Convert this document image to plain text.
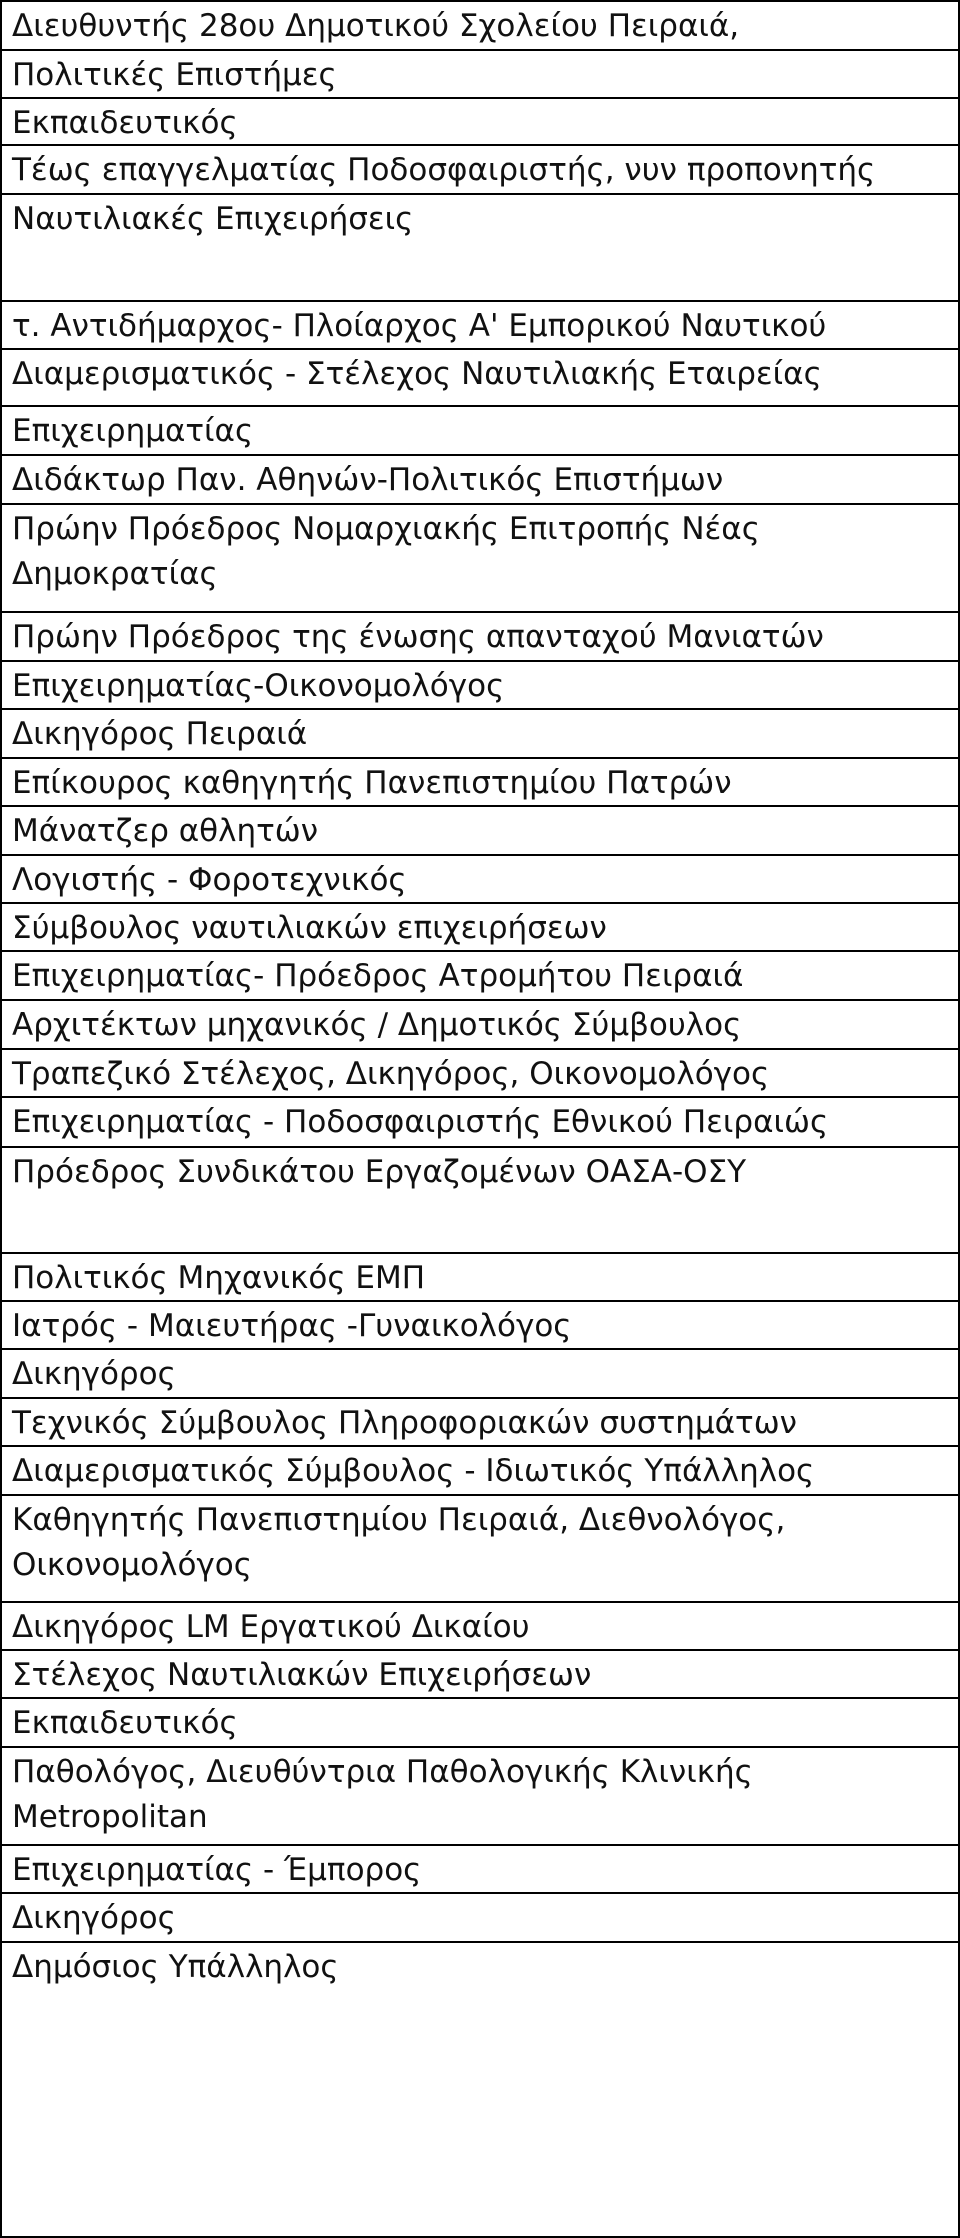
Διευθυντής 28ου Δημοτικού Σχολείου Πειραιά,
Πολιτικές Επιστήμες
Εκπαιδευτικός
Τέως επαγγελματίας Ποδοσφαιριστής, νυν προπονητής
Ναυτιλιακές Επιχειρήσεις
τ. Αντιδήμαρχος- Πλοίαρχος Α' Εμπορικού Ναυτικού
Διαμερισματικός - Στέλεχος Ναυτιλιακής Εταιρείας
Επιχειρηματίας
Διδάκτωρ Παν. Αθηνών-Πολιτικός Επιστήμων
Πρώην Πρόεδρος Νομαρχιακής Επιτροπής Νέας
Δημοκρατίας
Πρώην Πρόεδρος της ένωσης απανταχού Μανιατών
Επιχειρηματίας-Οικονομολόγος
Δικηγόρος Πειραιά
Επίκουρος καθηγητής Πανεπιστημίου Πατρών
Μάνατζερ αθλητών
Λογιστής - Φοροτεχνικός
Σύμβουλος ναυτιλιακών επιχειρήσεων
Επιχειρηματίας- Πρόεδρος Ατρομήτου Πειραιά
Αρχιτέκτων μηχανικός / Δημοτικός Σύμβουλος
Τραπεζικό Στέλεχος, Δικηγόρος, Οικονομολόγος
Επιχειρηματίας - Ποδοσφαιριστής Εθνικού Πειραιώς
Πρόεδρος Συνδικάτου Εργαζομένων ΟΑΣΑ-ΟΣΥ
Πολιτικός Μηχανικός ΕΜΠ
Ιατρός - Μαιευτήρας -Γυναικολόγος
Δικηγόρος
Τεχνικός Σύμβουλος Πληροφοριακών συστημάτων
Διαμερισματικός Σύμβουλος - Ιδιωτικός Υπάλληλος
Καθηγητής Πανεπιστημίου Πειραιά, Διεθνολόγος,
Οικονομολόγος
Δικηγόρος LM Εργατικού Δικαίου
Στέλεχος Ναυτιλιακών Επιχειρήσεων
Εκπαιδευτικός
Παθολόγος, Διευθύντρια Παθολογικής Κλινικής
Metropolitan
Επιχειρηματίας - Έμπορος
Δικηγόρος
Δημόσιος Υπάλληλος
